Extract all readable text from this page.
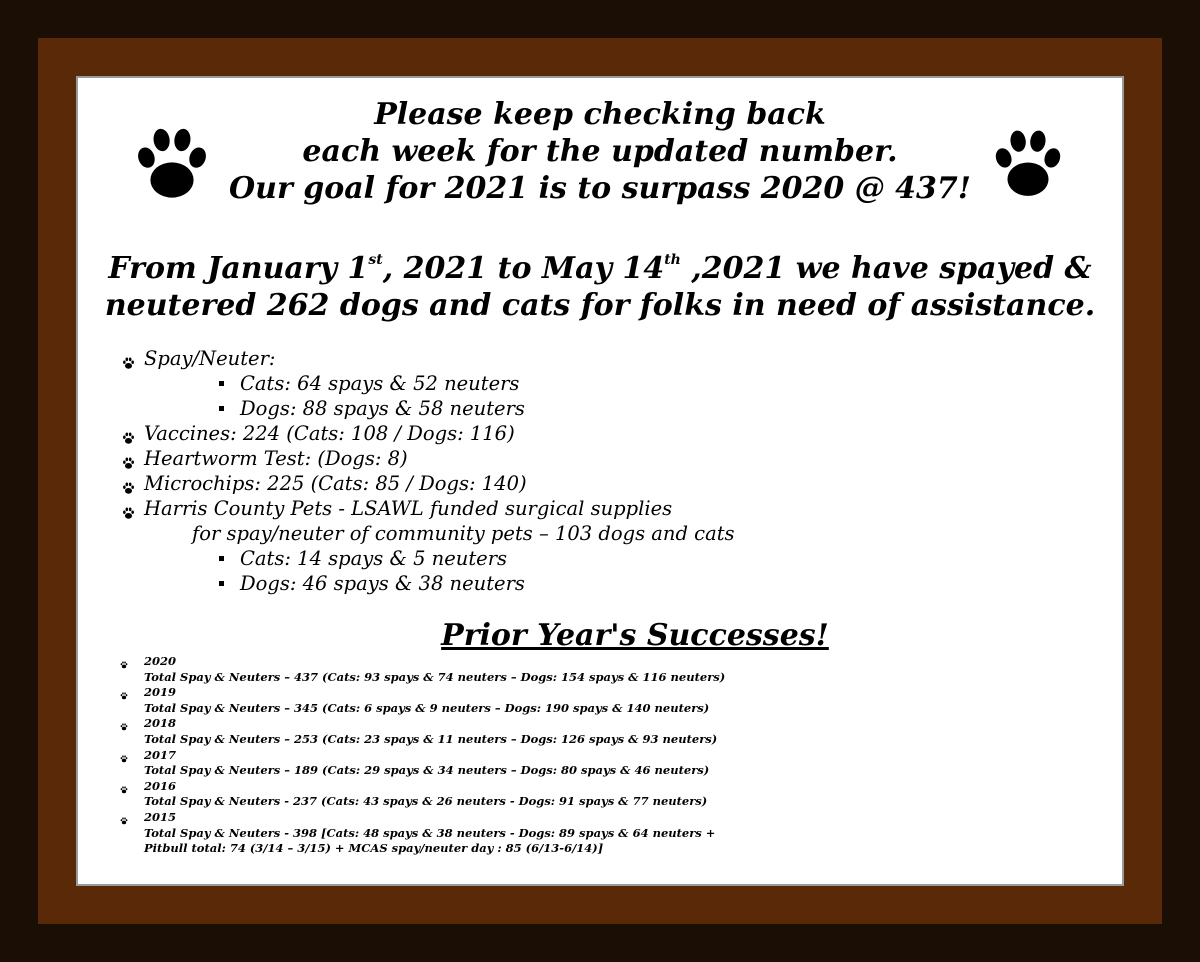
Please keep checking back
each week for the updated number.
Our goal for 2021 is to surpass 2020 @ 437!
From January 1st, 2021 to May 14th ,2021 we have spayed &
neutered 262 dogs and cats for folks in need of assistance.
Spay/Neuter:
Cats: 64 spays & 52 neuters
Dogs: 88 spays & 58 neuters
Vaccines: 224 (Cats: 108 / Dogs: 116)
Heartworm Test: (Dogs: 8)
Microchips: 225 (Cats: 85 / Dogs: 140)
Harris County Pets - LSAWL funded surgical supplies
for spay/neuter of community pets – 103 dogs and cats
Cats: 14 spays & 5 neuters
Dogs: 46 spays & 38 neuters
Prior Year's Successes!
2020
Total Spay & Neuters – 437 (Cats: 93 spays & 74 neuters – Dogs: 154 spays & 116 neuters)
2019
Total Spay & Neuters – 345 (Cats: 6 spays & 9 neuters – Dogs: 190 spays & 140 neuters)
2018
Total Spay & Neuters – 253 (Cats: 23 spays & 11 neuters – Dogs: 126 spays & 93 neuters)
2017
Total Spay & Neuters – 189 (Cats: 29 spays & 34 neuters – Dogs: 80 spays & 46 neuters)
2016
Total Spay & Neuters - 237 (Cats: 43 spays & 26 neuters - Dogs: 91 spays & 77 neuters)
2015
Total Spay & Neuters - 398 [Cats: 48 spays & 38 neuters - Dogs: 89 spays & 64 neuters +
Pitbull total: 74 (3/14 – 3/15) + MCAS spay/neuter day : 85 (6/13-6/14)]
